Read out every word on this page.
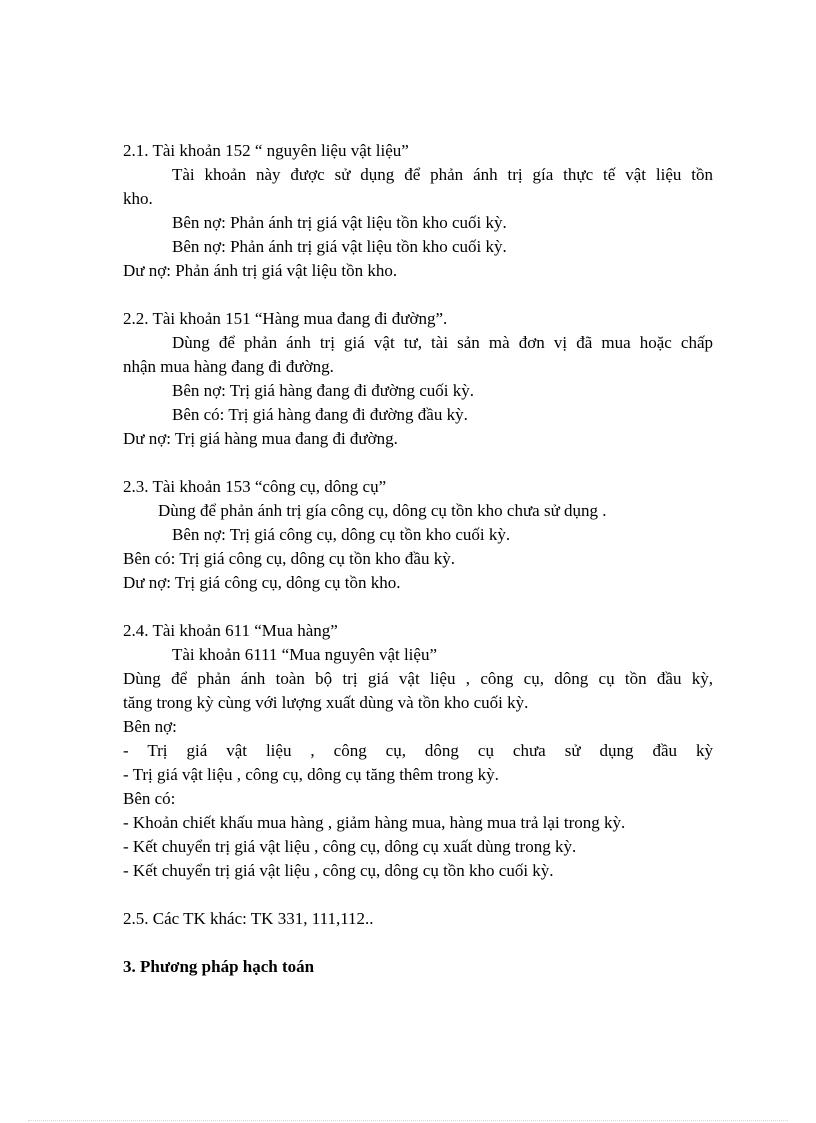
2.1. Tài khoản 152 “ nguyên liệu vật liệu”
Tài khoản này được sử dụng để phản ánh trị gía thực tế vật liệu tồn
kho.
Bên nợ: Phản ánh trị giá vật liệu tồn kho cuối kỳ.
Bên nợ: Phản ánh trị giá vật liệu tồn kho cuối kỳ.
Dư nợ: Phản ánh trị giá vật liệu tồn kho.
2.2. Tài khoản 151 “Hàng mua đang đi đường”.
Dùng để phản ánh trị giá vật tư, tài sản mà đơn vị đã mua hoặc chấp
nhận mua hàng đang đi đường.
Bên nợ: Trị giá hàng đang đi đường cuối kỳ.
Bên có: Trị giá hàng đang đi đường đầu kỳ.
Dư nợ: Trị giá hàng mua đang đi đường.
2.3. Tài khoản 153 “công cụ, dông cụ”
Dùng để phản ánh trị gía công cụ, dông cụ tồn kho chưa sử dụng .
Bên nợ: Trị giá công cụ, dông cụ tồn kho cuối kỳ.
Bên có: Trị giá công cụ, dông cụ tồn kho đầu kỳ.
Dư nợ: Trị giá công cụ, dông cụ tồn kho.
2.4. Tài khoản 611 “Mua hàng”
Tài khoản 6111 “Mua nguyên vật liệu”
Dùng để phản ánh toàn bộ trị giá vật liệu , công cụ, dông cụ tồn đầu kỳ,
tăng trong kỳ cùng với lượng xuất dùng và tồn kho cuối kỳ.
Bên nợ:
- Trị giá vật liệu , công cụ, dông cụ chưa sử dụng đầu kỳ
- Trị giá vật liệu , công cụ, dông cụ tăng thêm trong kỳ.
Bên có:
- Khoản chiết khấu mua hàng , giảm hàng mua, hàng mua trả lại trong kỳ.
- Kết chuyển trị giá vật liệu , công cụ, dông cụ xuất dùng trong kỳ.
- Kết chuyển trị giá vật liệu , công cụ, dông cụ tồn kho cuối kỳ.
2.5. Các TK khác: TK 331, 111,112..
3. Phương pháp hạch toán
